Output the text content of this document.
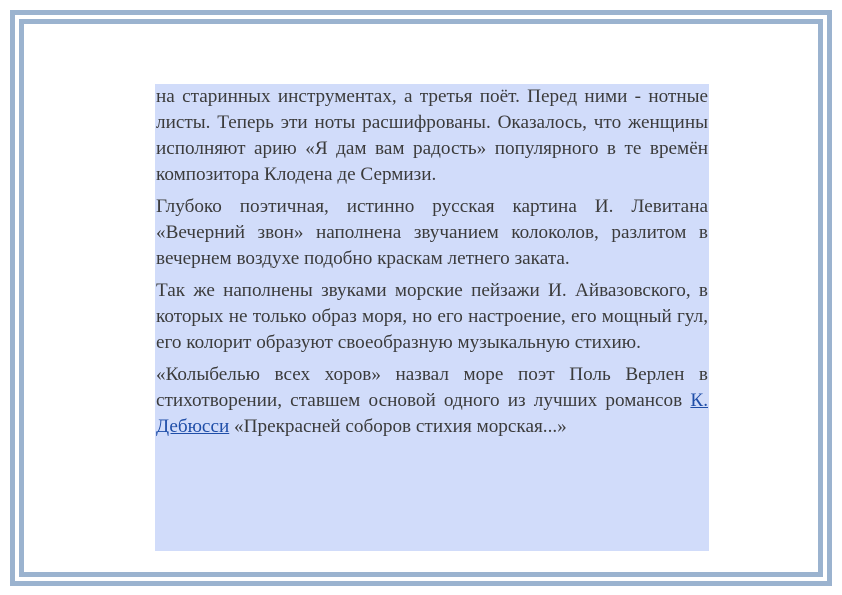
на старинных инструментах, а третья поёт. Перед ними - нотные листы. Теперь эти ноты расшифрованы. Оказалось, что женщины исполняют арию «Я дам вам радость» популярного в те времён композитора Клодена де Сермизи.

Глубоко поэтичная, истинно русская картина И. Левитана «Вечерний звон» наполнена звучанием колоколов, разлитом в вечернем воздухе подобно краскам летнего заката.

Так же наполнены звуками морские пейзажи И. Айвазовского, в которых не только образ моря, но его настроение, его мощный гул, его колорит образуют своеобразную музыкальную стихию.

«Колыбелью всех хоров» назвал море поэт Поль Верлен в стихотворении, ставшем основой одного из лучших романсов К. Дебюсси «Прекрасней соборов стихия морская...»
